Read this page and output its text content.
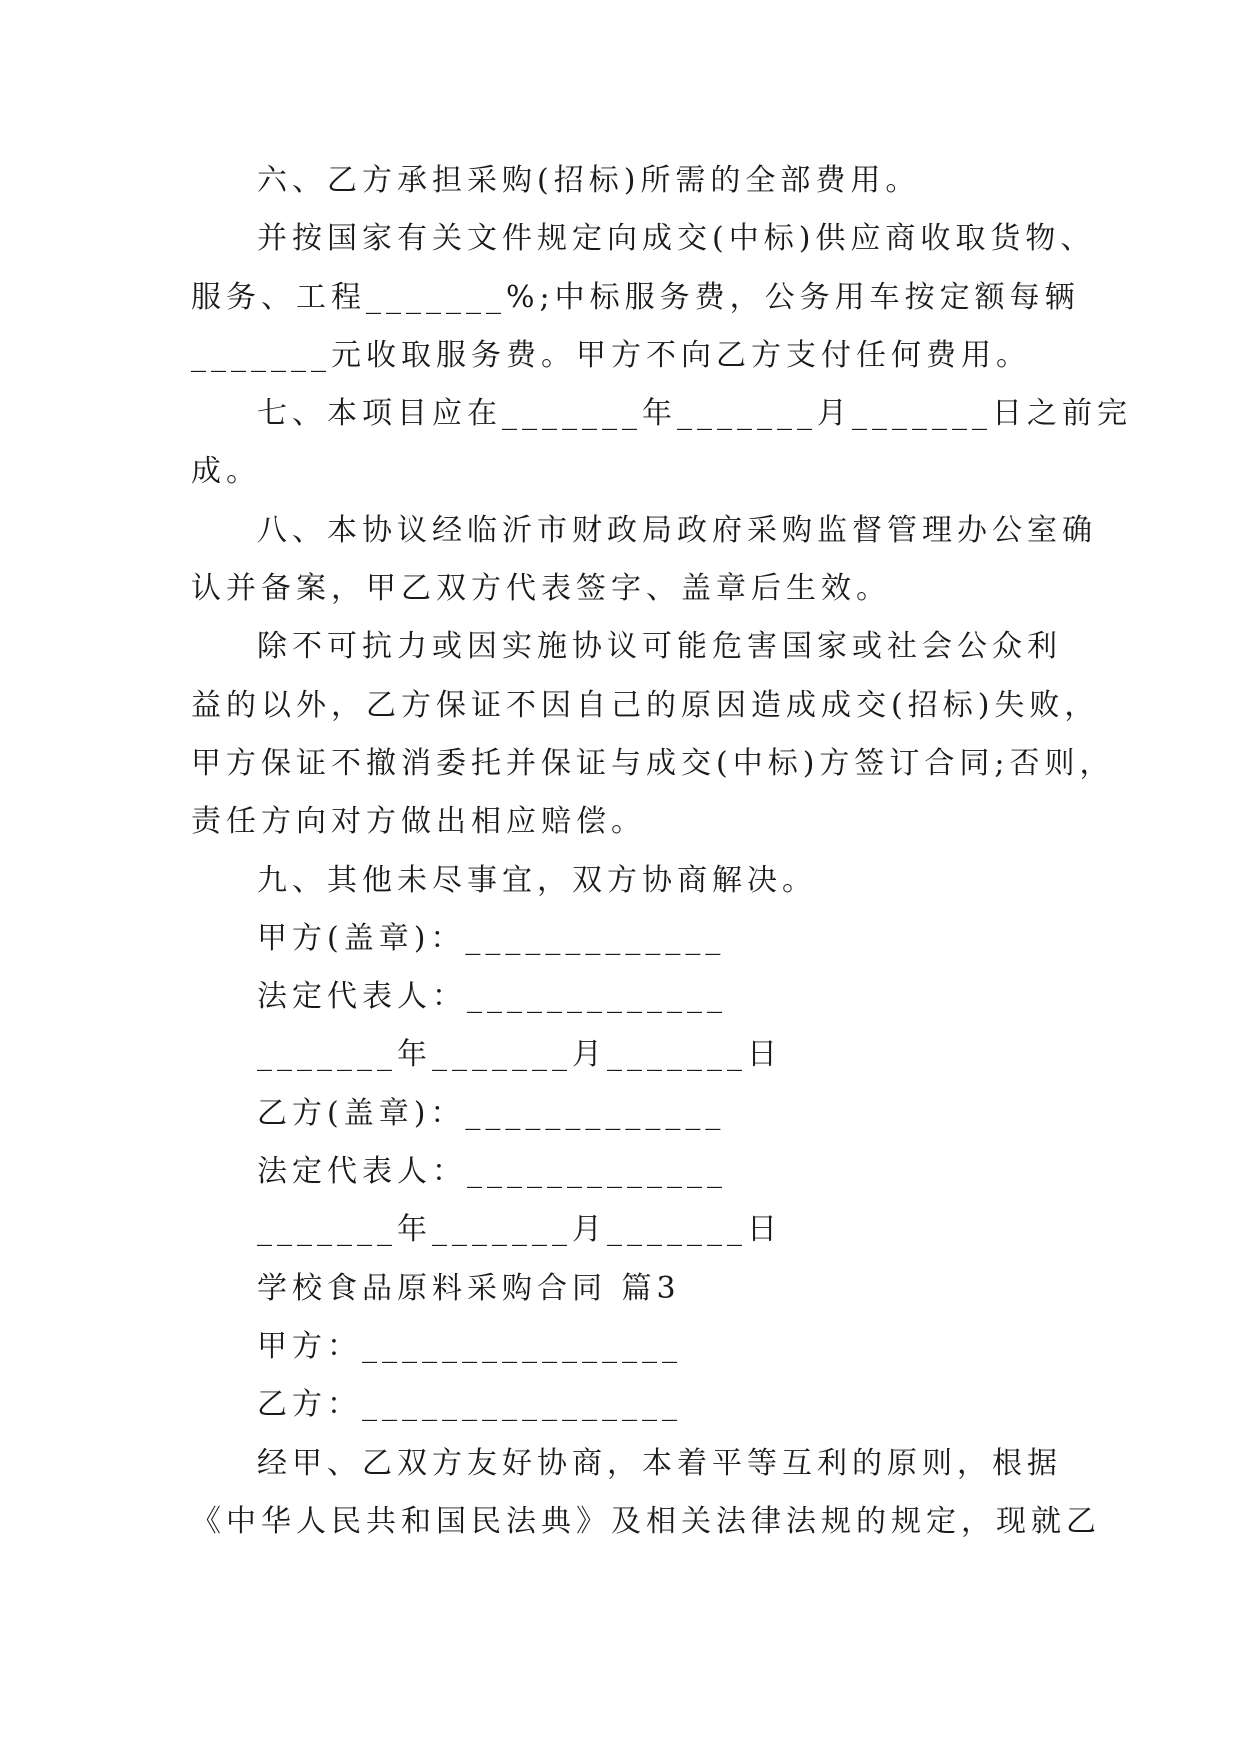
六、乙方承担采购(招标)所需的全部费用。
并按国家有关文件规定向成交(中标)供应商收取货物、
服务、工程_______%;中标服务费，公务用车按定额每辆
_______元收取服务费。甲方不向乙方支付任何费用。
七、本项目应在_______年_______月_______日之前完
成。
八、本协议经临沂市财政局政府采购监督管理办公室确
认并备案，甲乙双方代表签字、盖章后生效。
除不可抗力或因实施协议可能危害国家或社会公众利
益的以外，乙方保证不因自己的原因造成成交(招标)失败，
甲方保证不撤消委托并保证与成交(中标)方签订合同;否则，
责任方向对方做出相应赔偿。
九、其他未尽事宜，双方协商解决。
甲方(盖章)：_____________
法定代表人：_____________
_______年_______月_______日
乙方(盖章)：_____________
法定代表人：_____________
_______年_______月_______日
学校食品原料采购合同 篇3
甲方：________________
乙方：________________
经甲、乙双方友好协商，本着平等互利的原则，根据
《中华人民共和国民法典》及相关法律法规的规定，现就乙
